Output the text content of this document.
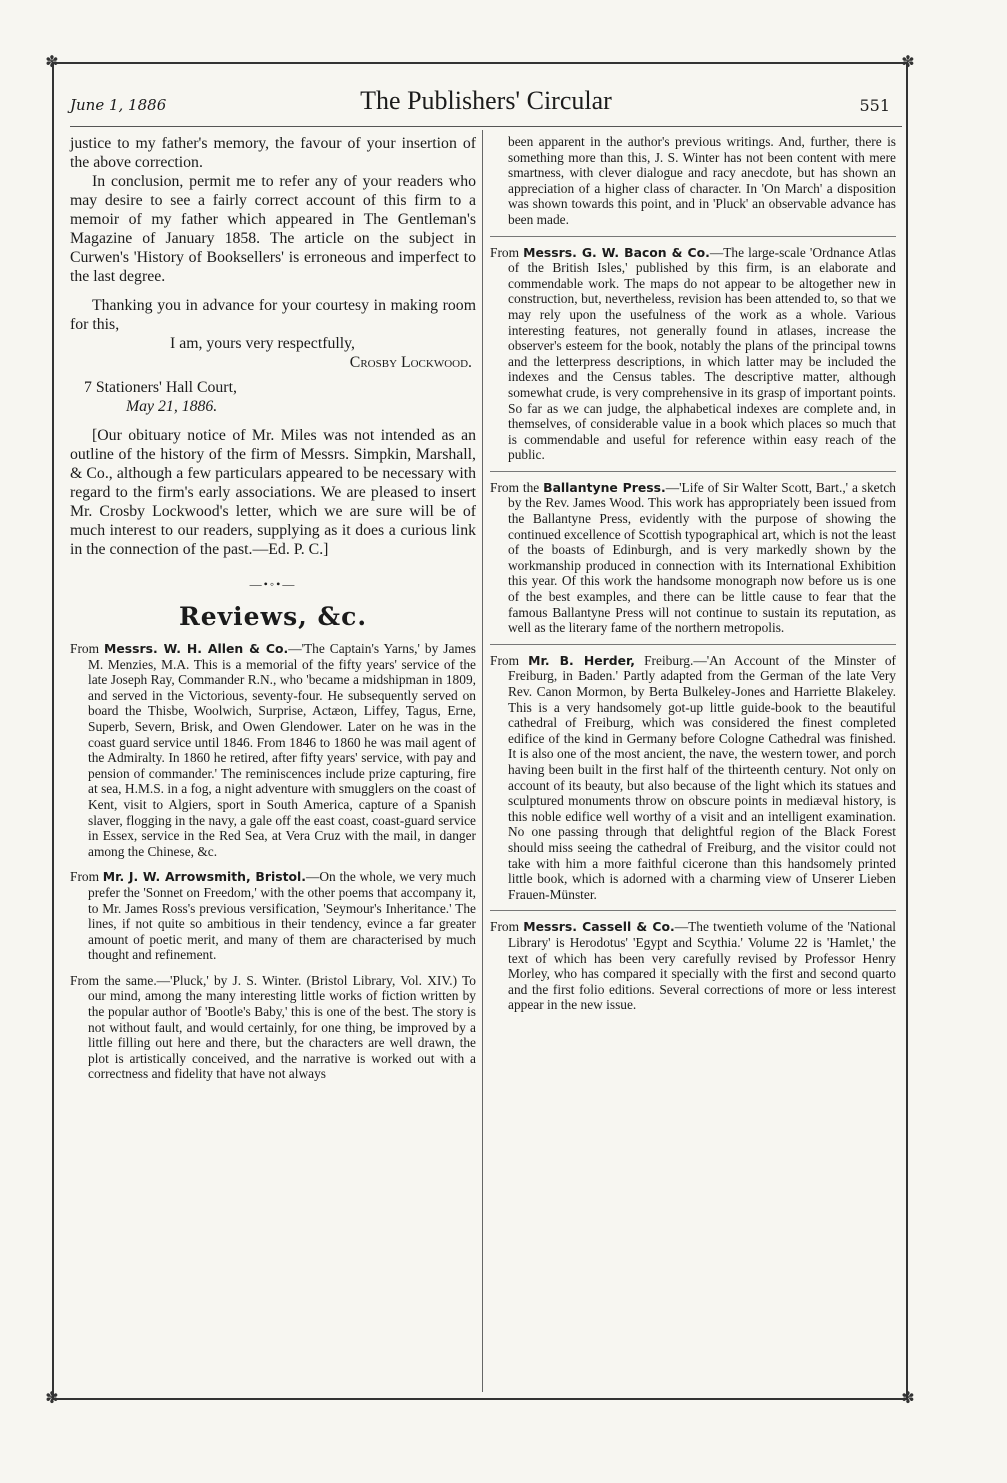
✽	✽
✽	✽
June 1, 1886	The Publishers' Circular	551

justice to my father's memory, the favour of your insertion of the above correction.

In conclusion, permit me to refer any of your readers who may desire to see a fairly correct account of this firm to a memoir of my father which appeared in The Gentleman's Magazine of January 1858. The article on the subject in Curwen's 'History of Booksellers' is erroneous and imperfect to the last degree.

Thanking you in advance for your courtesy in making room for this,

I am, yours very respectfully,

Crosby Lockwood.

7 Stationers' Hall Court,

May 21, 1886.

[Our obituary notice of Mr. Miles was not intended as an outline of the history of the firm of Messrs. Simpkin, Marshall, & Co., although a few particulars appeared to be necessary with regard to the firm's early associations. We are pleased to insert Mr. Crosby Lockwood's letter, which we are sure will be of much interest to our readers, supplying as it does a curious link in the connection of the past.—Ed. P. C.]

—•◦•—
Reviews, &c.

From Messrs. W. H. Allen & Co.—'The Captain's Yarns,' by James M. Menzies, M.A. This is a memorial of the fifty years' service of the late Joseph Ray, Commander R.N., who 'became a midshipman in 1809, and served in the Victorious, seventy-four. He subsequently served on board the Thisbe, Woolwich, Surprise, Actæon, Liffey, Tagus, Erne, Superb, Severn, Brisk, and Owen Glendower. Later on he was in the coast guard service until 1846. From 1846 to 1860 he was mail agent of the Admiralty. In 1860 he retired, after fifty years' service, with pay and pension of commander.' The reminiscences include prize capturing, fire at sea, H.M.S. in a fog, a night adventure with smugglers on the coast of Kent, visit to Algiers, sport in South America, capture of a Spanish slaver, flogging in the navy, a gale off the east coast, coast-guard service in Essex, service in the Red Sea, at Vera Cruz with the mail, in danger among the Chinese, &c.

From Mr. J. W. Arrowsmith, Bristol.—On the whole, we very much prefer the 'Sonnet on Freedom,' with the other poems that accompany it, to Mr. James Ross's previous versification, 'Seymour's Inheritance.' The lines, if not quite so ambitious in their tendency, evince a far greater amount of poetic merit, and many of them are characterised by much thought and refinement.

From the same.—'Pluck,' by J. S. Winter. (Bristol Library, Vol. XIV.) To our mind, among the many interesting little works of fiction written by the popular author of 'Bootle's Baby,' this is one of the best. The story is not without fault, and would certainly, for one thing, be improved by a little filling out here and there, but the characters are well drawn, the plot is artistically conceived, and the narrative is worked out with a correctness and fidelity that have not always

been apparent in the author's previous writings. And, further, there is something more than this, J. S. Winter has not been content with mere smartness, with clever dialogue and racy anecdote, but has shown an appreciation of a higher class of character. In 'On March' a disposition was shown towards this point, and in 'Pluck' an observable advance has been made.

From Messrs. G. W. Bacon & Co.—The large-scale 'Ordnance Atlas of the British Isles,' published by this firm, is an elaborate and commendable work. The maps do not appear to be altogether new in construction, but, nevertheless, revision has been attended to, so that we may rely upon the usefulness of the work as a whole. Various interesting features, not generally found in atlases, increase the observer's esteem for the book, notably the plans of the principal towns and the letterpress descriptions, in which latter may be included the indexes and the Census tables. The descriptive matter, although somewhat crude, is very comprehensive in its grasp of important points. So far as we can judge, the alphabetical indexes are complete and, in themselves, of considerable value in a book which places so much that is commendable and useful for reference within easy reach of the public.

From the Ballantyne Press.—'Life of Sir Walter Scott, Bart.,' a sketch by the Rev. James Wood. This work has appropriately been issued from the Ballantyne Press, evidently with the purpose of showing the continued excellence of Scottish typographical art, which is not the least of the boasts of Edinburgh, and is very markedly shown by the workmanship produced in connection with its International Exhibition this year. Of this work the handsome monograph now before us is one of the best examples, and there can be little cause to fear that the famous Ballantyne Press will not continue to sustain its reputation, as well as the literary fame of the northern metropolis.

From Mr. B. Herder, Freiburg.—'An Account of the Minster of Freiburg, in Baden.' Partly adapted from the German of the late Very Rev. Canon Mormon, by Berta Bulkeley-Jones and Harriette Blakeley. This is a very handsomely got-up little guide-book to the beautiful cathedral of Freiburg, which was considered the finest completed edifice of the kind in Germany before Cologne Cathedral was finished. It is also one of the most ancient, the nave, the western tower, and porch having been built in the first half of the thirteenth century. Not only on account of its beauty, but also because of the light which its statues and sculptured monuments throw on obscure points in mediæval history, is this noble edifice well worthy of a visit and an intelligent examination. No one passing through that delightful region of the Black Forest should miss seeing the cathedral of Freiburg, and the visitor could not take with him a more faithful cicerone than this handsomely printed little book, which is adorned with a charming view of Unserer Lieben Frauen-Münster.

From Messrs. Cassell & Co.—The twentieth volume of the 'National Library' is Herodotus' 'Egypt and Scythia.' Volume 22 is 'Hamlet,' the text of which has been very carefully revised by Professor Henry Morley, who has compared it specially with the first and second quarto and the first folio editions. Several corrections of more or less interest appear in the new issue.
